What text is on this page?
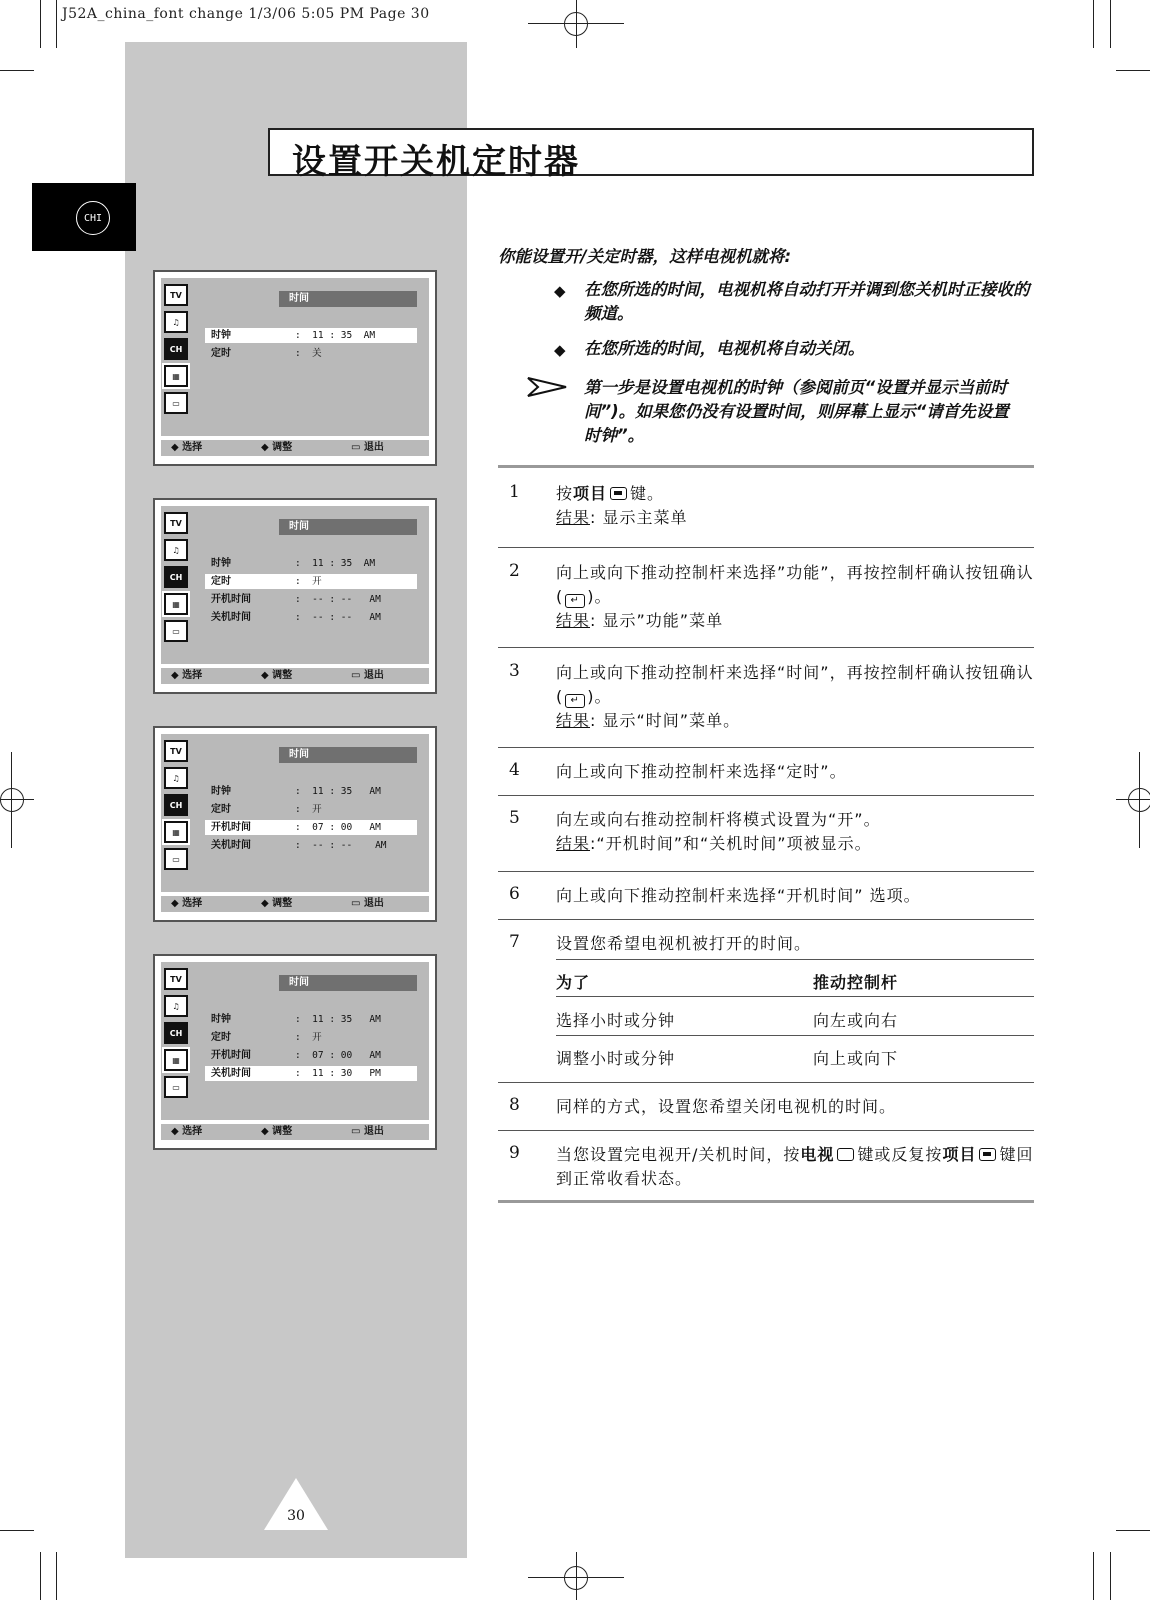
J52A_china_font change 1/3/06 5:05 PM Page 30
设置开关机定时器
CHI
TV
♫
CH
▦
▭
时间
时钟	:  11 : 35  AM
定时	:  关
◆ 选择	◆ 调整	▭ 退出
TV
♫
CH
▦
▭
时间
时钟	:  11 : 35  AM
定时	:  开
开机时间	:  -- : --   AM
关机时间	:  -- : --   AM
◆ 选择	◆ 调整	▭ 退出
TV
♫
CH
▦
▭
时间
时钟	:  11 : 35   AM
定时	:  开
开机时间	:  07 : 00   AM
关机时间	:  -- : --    AM
◆ 选择	◆ 调整	▭ 退出
TV
♫
CH
▦
▭
时间
时钟	:  11 : 35   AM
定时	:  开
开机时间	:  07 : 00   AM
关机时间	:  11 : 30   PM
◆ 选择	◆ 调整	▭ 退出
你能设置开/关定时器，这样电视机就将:
◆ 在您所选的时间，电视机将自动打开并调到您关机时正接收的频道。
◆ 在您所选的时间，电视机将自动关闭。
第一步是设置电视机的时钟（参阅前页“设置并显示当前时间”)。如果您仍没有设置时间，则屏幕上显示“请首先设置时钟”。
1 按项目 键。
结果: 显示主菜单
2 向上或向下推动控制杆来选择”功能”，再按控制杆确认按钮确认( ↵ )。
结果: 显示”功能”菜单
3 向上或向下推动控制杆来选择“时间”，再按控制杆确认按钮确认( ↵ )。
结果: 显示“时间”菜单。
4 向上或向下推动控制杆来选择“定时”。
5 向左或向右推动控制杆将模式设置为“开”。
结果:“开机时间”和“关机时间”项被显示。
6 向上或向下推动控制杆来选择“开机时间” 选项。
7 设置您希望电视机被打开的时间。
为了	推动控制杆
选择小时或分钟	向左或向右
调整小时或分钟	向上或向下
8 同样的方式，设置您希望关闭电视机的时间。
9 当您设置完电视开/关机时间，按电视 键或反复按项目 键回到正常收看状态。
30
